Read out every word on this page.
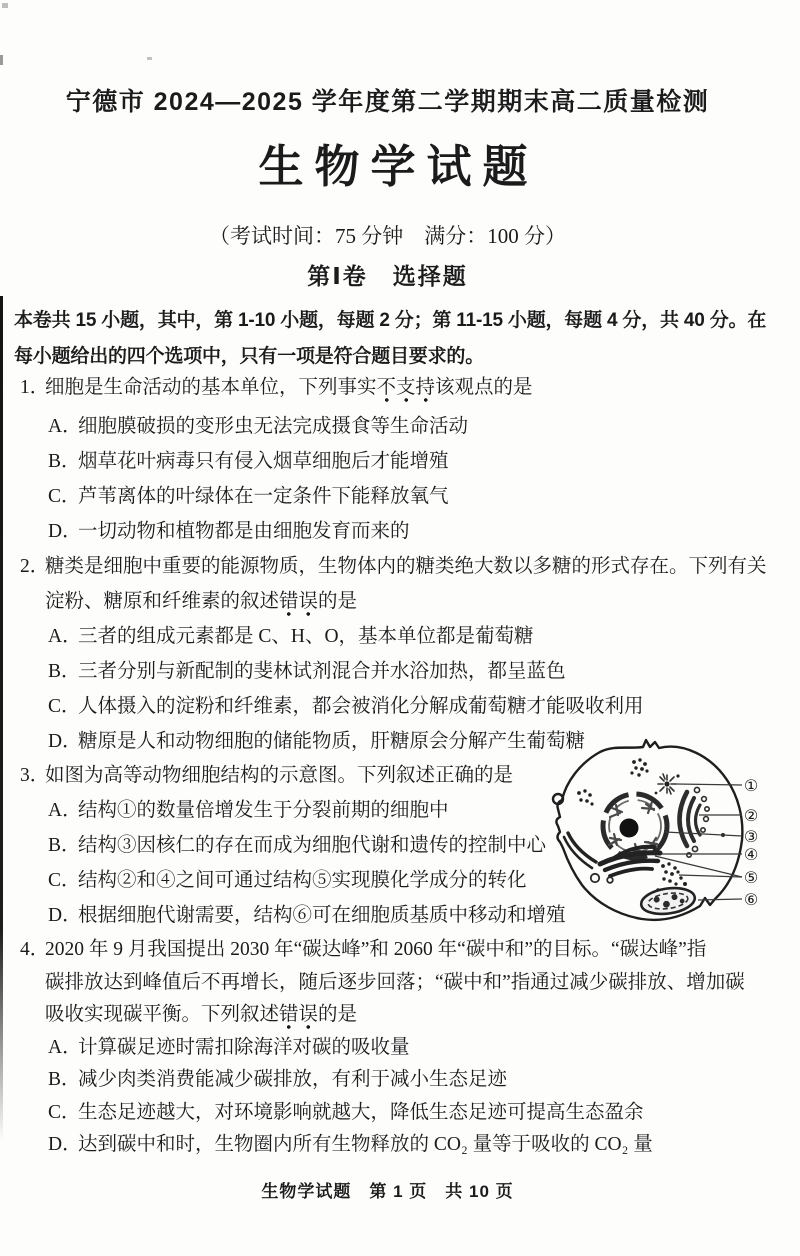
宁德市 2024—2025 学年度第二学期期末高二质量检测
生物学试题
（考试时间：75 分钟　满分：100 分）
第Ⅰ卷　选择题
本卷共 15 小题，其中，第 1-10 小题，每题 2 分；第 11-15 小题，每题 4 分，共 40 分。在
每小题给出的四个选项中，只有一项是符合题目要求的。
1．细胞是生命活动的基本单位，下列事实不支持该观点的是
A．细胞膜破损的变形虫无法完成摄食等生命活动
B．烟草花叶病毒只有侵入烟草细胞后才能增殖
C．芦苇离体的叶绿体在一定条件下能释放氧气
D．一切动物和植物都是由细胞发育而来的
2．糖类是细胞中重要的能源物质，生物体内的糖类绝大数以多糖的形式存在。下列有关
淀粉、糖原和纤维素的叙述错误的是
A．三者的组成元素都是 C、H、O，基本单位都是葡萄糖
B．三者分别与新配制的斐林试剂混合并水浴加热，都呈蓝色
C．人体摄入的淀粉和纤维素，都会被消化分解成葡萄糖才能吸收利用
D．糖原是人和动物细胞的储能物质，肝糖原会分解产生葡萄糖
3．如图为高等动物细胞结构的示意图。下列叙述正确的是
A．结构①的数量倍增发生于分裂前期的细胞中
B．结构③因核仁的存在而成为细胞代谢和遗传的控制中心
C．结构②和④之间可通过结构⑤实现膜化学成分的转化
D．根据细胞代谢需要，结构⑥可在细胞质基质中移动和增殖
①
②
③
④
⑤
⑥
4．2020 年 9 月我国提出 2030 年“碳达峰”和 2060 年“碳中和”的目标。“碳达峰”指
碳排放达到峰值后不再增长，随后逐步回落；“碳中和”指通过减少碳排放、增加碳
吸收实现碳平衡。下列叙述错误的是
A．计算碳足迹时需扣除海洋对碳的吸收量
B．减少肉类消费能减少碳排放，有利于减小生态足迹
C．生态足迹越大，对环境影响就越大，降低生态足迹可提高生态盈余
D．达到碳中和时，生物圈内所有生物释放的 CO₂ 量等于吸收的 CO₂ 量
生物学试题　第 1 页　共 10 页
